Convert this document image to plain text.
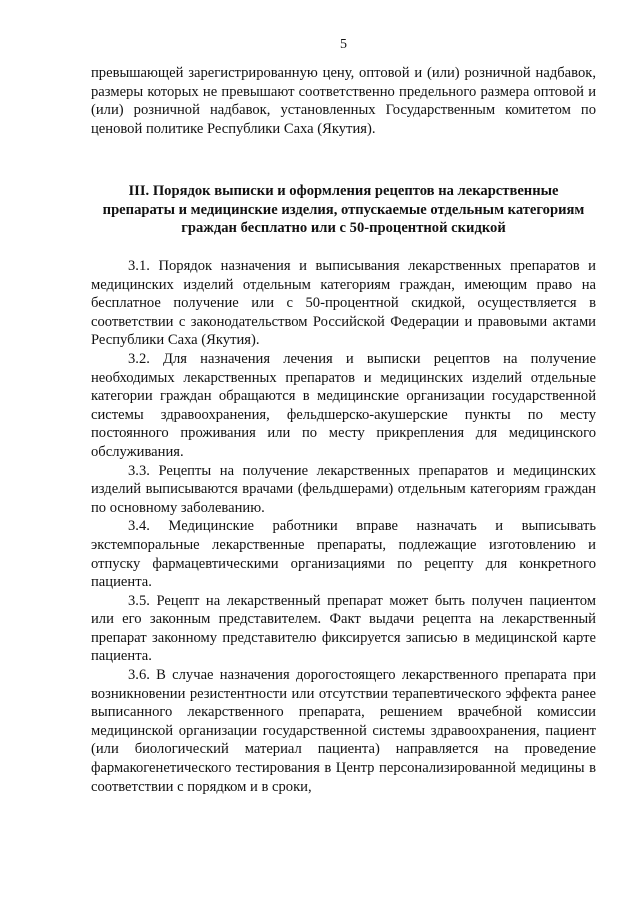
5

превышающей зарегистрированную цену, оптовой и (или) розничной надбавок, размеры которых не превышают соответственно предельного размера оптовой и (или) розничной надбавок, установленных Государственным комитетом по ценовой политике Республики Саха (Якутия).

III. Порядок выписки и оформления рецептов на лекарственные
препараты и медицинские изделия, отпускаемые отдельным категориям
граждан бесплатно или с 50-процентной скидкой

3.1. Порядок назначения и выписывания лекарственных препаратов и медицинских изделий отдельным категориям граждан, имеющим право на бесплатное получение или с 50-процентной скидкой, осуществляется в соответствии с законодательством Российской Федерации и правовыми актами Республики Саха (Якутия).

3.2. Для назначения лечения и выписки рецептов на получение необходимых лекарственных препаратов и медицинских изделий отдельные категории граждан обращаются в медицинские организации государственной системы здравоохранения, фельдшерско-акушерские пункты по месту постоянного проживания или по месту прикрепления для медицинского обслуживания.

3.3. Рецепты на получение лекарственных препаратов и медицинских изделий выписываются врачами (фельдшерами) отдельным категориям граждан по основному заболеванию.

3.4. Медицинские работники вправе назначать и выписывать экстемпоральные лекарственные препараты, подлежащие изготовлению и отпуску фармацевтическими организациями по рецепту для конкретного пациента.

3.5. Рецепт на лекарственный препарат может быть получен пациентом или его законным представителем. Факт выдачи рецепта на лекарственный препарат законному представителю фиксируется записью в медицинской карте пациента.

3.6. В случае назначения дорогостоящего лекарственного препарата при возникновении резистентности или отсутствии терапевтического эффекта ранее выписанного лекарственного препарата, решением врачебной комиссии медицинской организации государственной системы здравоохранения, пациент (или биологический материал пациента) направляется на проведение фармакогенетического тестирования в Центр персонализированной медицины в соответствии с порядком и в сроки,
